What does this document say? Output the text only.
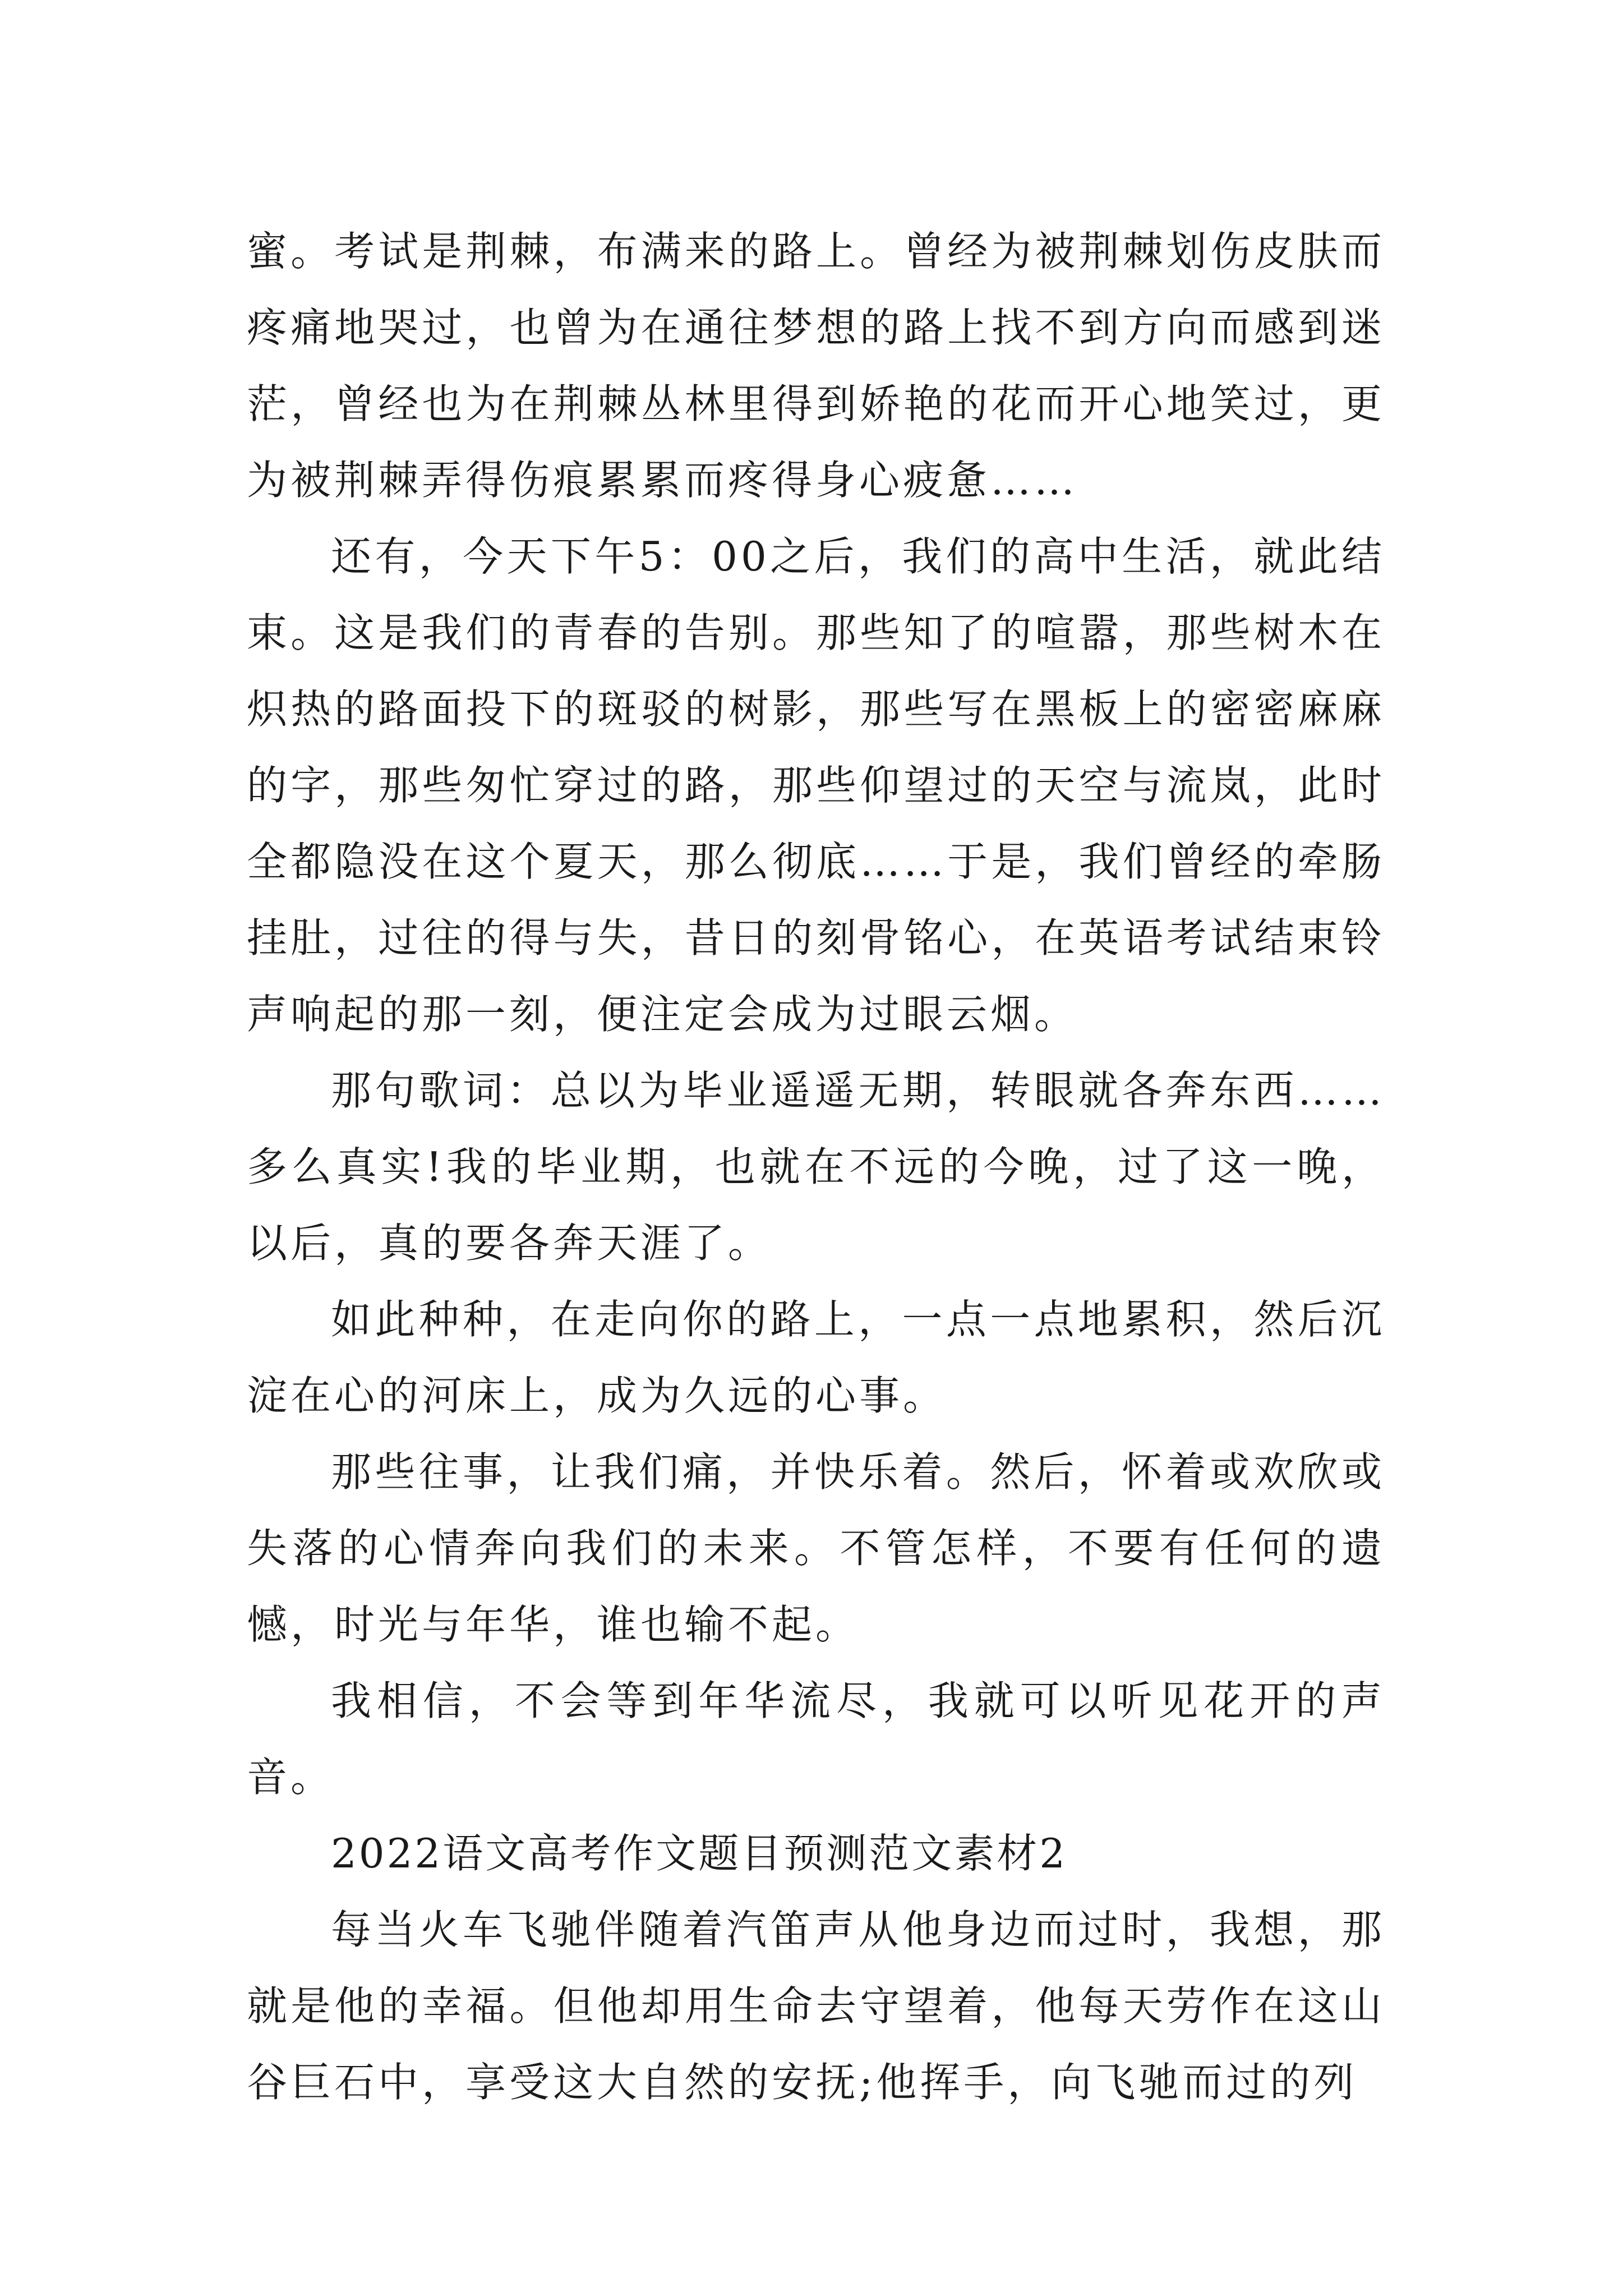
蜜。考试是荆棘，布满来的路上。曾经为被荆棘划伤皮肤而疼痛地哭过，也曾为在通往梦想的路上找不到方向而感到迷茫，曾经也为在荆棘丛林里得到娇艳的花而开心地笑过，更为被荆棘弄得伤痕累累而疼得身心疲惫……

还有，今天下午5：00之后，我们的高中生活，就此结束。这是我们的青春的告别。那些知了的喧嚣，那些树木在炽热的路面投下的斑驳的树影，那些写在黑板上的密密麻麻的字，那些匆忙穿过的路，那些仰望过的天空与流岚，此时全都隐没在这个夏天，那么彻底……于是，我们曾经的牵肠挂肚，过往的得与失，昔日的刻骨铭心，在英语考试结束铃声响起的那一刻，便注定会成为过眼云烟。

那句歌词：总以为毕业遥遥无期，转眼就各奔东西……多么真实!我的毕业期，也就在不远的今晚，过了这一晚，以后，真的要各奔天涯了。

如此种种，在走向你的路上，一点一点地累积，然后沉淀在心的河床上，成为久远的心事。

那些往事，让我们痛，并快乐着。然后，怀着或欢欣或失落的心情奔向我们的未来。不管怎样，不要有任何的遗憾，时光与年华，谁也输不起。

我相信，不会等到年华流尽，我就可以听见花开的声音。

2022语文高考作文题目预测范文素材2

每当火车飞驰伴随着汽笛声从他身边而过时，我想，那就是他的幸福。但他却用生命去守望着，他每天劳作在这山谷巨石中，享受这大自然的安抚;他挥手，向飞驰而过的列
